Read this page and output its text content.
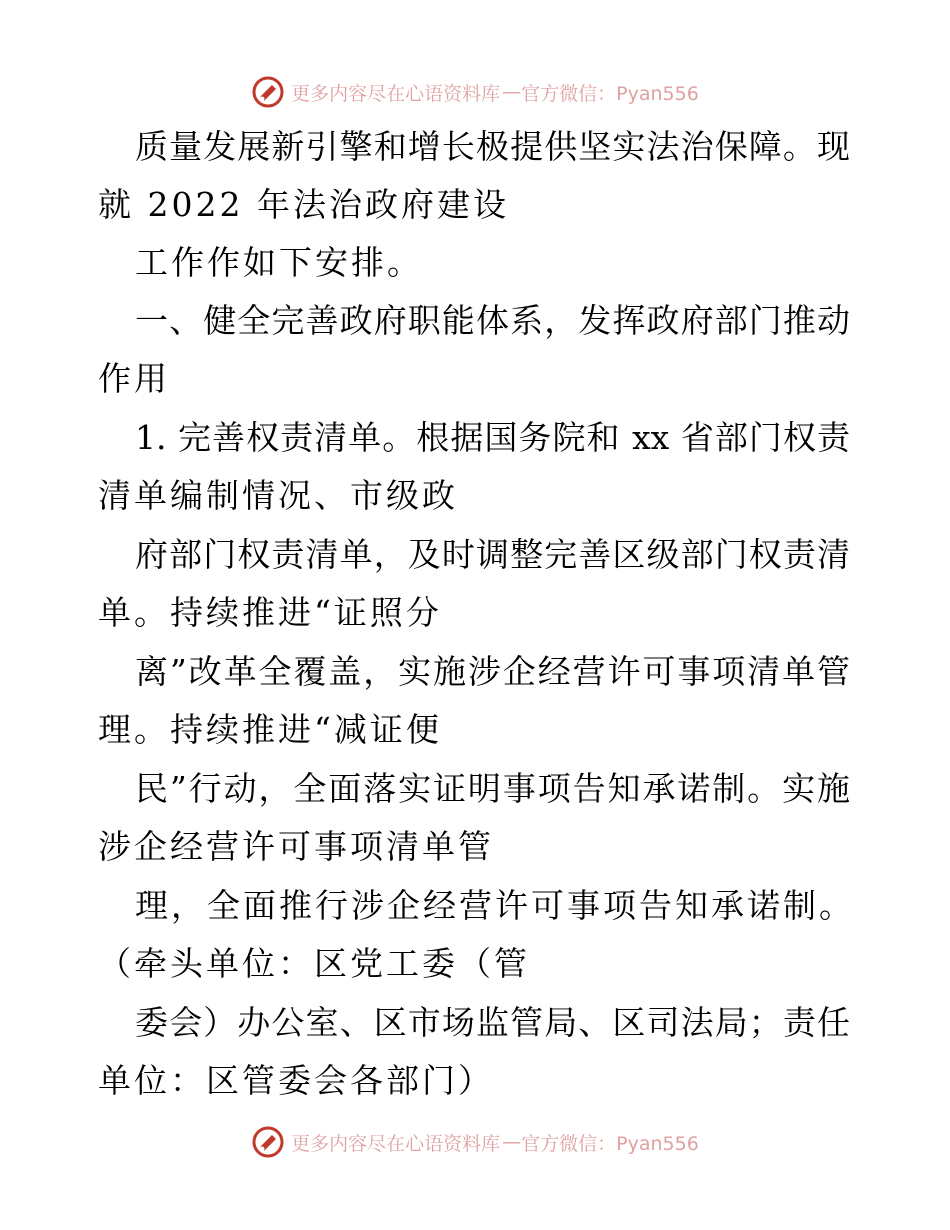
更多内容尽在心语资料库 — 官方微信：Pyan556
质量发展新引擎和增长极提供坚实法治保障。现
就 2022 年法治政府建设
工作作如下安排。
一、健全完善政府职能体系，发挥政府部门推动
作用
1. 完善权责清单。根据国务院和 xx 省部门权责
清单编制情况、市级政
府部门权责清单，及时调整完善区级部门权责清
单。持续推进“证照分
离”改革全覆盖，实施涉企经营许可事项清单管
理。持续推进“减证便
民”行动，全面落实证明事项告知承诺制。实施
涉企经营许可事项清单管
理，全面推行涉企经营许可事项告知承诺制。
（牵头单位：区党工委（管
委会）办公室、区市场监管局、区司法局；责任
单位：区管委会各部门）
更多内容尽在心语资料库 — 官方微信：Pyan556
